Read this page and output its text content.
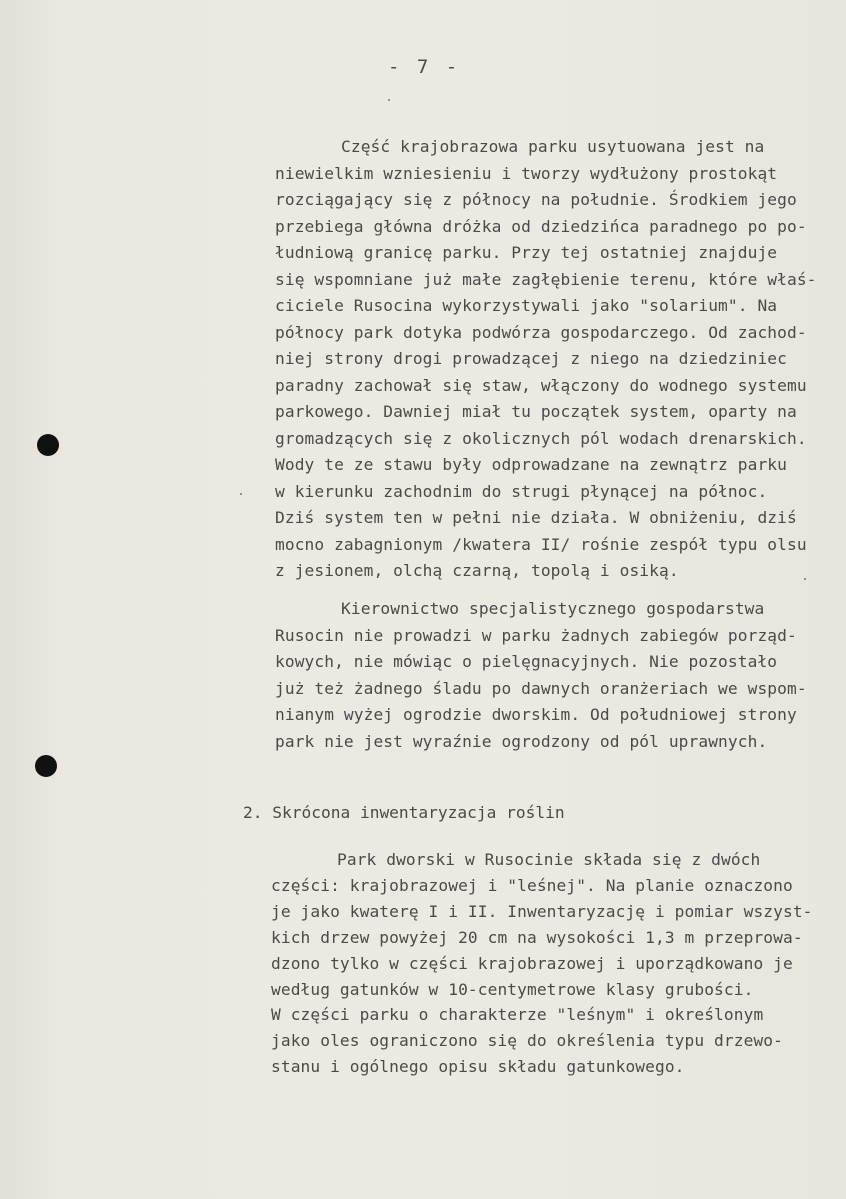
- 7 -
Część krajobrazowa parku usytuowana jest na
niewielkim wzniesieniu i tworzy wydłużony prostokąt
rozciągający się z północy na południe. Środkiem jego
przebiega główna dróżka od dziedzińca paradnego po po-
łudniową granicę parku. Przy tej ostatniej znajduje
się wspomniane już małe zagłębienie terenu, które właś-
ciciele Rusocina wykorzystywali jako "solarium". Na
północy park dotyka podwórza gospodarczego. Od zachod-
niej strony drogi prowadzącej z niego na dziedziniec
paradny zachował się staw, włączony do wodnego systemu
parkowego. Dawniej miał tu początek system, oparty na
gromadzących się z okolicznych pól wodach drenarskich.
Wody te ze stawu były odprowadzane na zewnątrz parku
w kierunku zachodnim do strugi płynącej na północ.
Dziś system ten w pełni nie działa. W obniżeniu, dziś
mocno zabagnionym /kwatera II/ rośnie zespół typu olsu
z jesionem, olchą czarną, topolą i osiką.
Kierownictwo specjalistycznego gospodarstwa
Rusocin nie prowadzi w parku żadnych zabiegów porząd-
kowych, nie mówiąc o pielęgnacyjnych. Nie pozostało
już też żadnego śladu po dawnych oranżeriach we wspom-
nianym wyżej ogrodzie dworskim. Od południowej strony
park nie jest wyraźnie ogrodzony od pól uprawnych.
2. Skrócona inwentaryzacja roślin
Park dworski w Rusocinie składa się z dwóch
części: krajobrazowej i "leśnej". Na planie oznaczono
je jako kwaterę I i II. Inwentaryzację i pomiar wszyst-
kich drzew powyżej 20 cm na wysokości 1,3 m przeprowa-
dzono tylko w części krajobrazowej i uporządkowano je
według gatunków w 10-centymetrowe klasy grubości.
W części parku o charakterze "leśnym" i określonym
jako oles ograniczono się do określenia typu drzewo-
stanu i ogólnego opisu składu gatunkowego.
